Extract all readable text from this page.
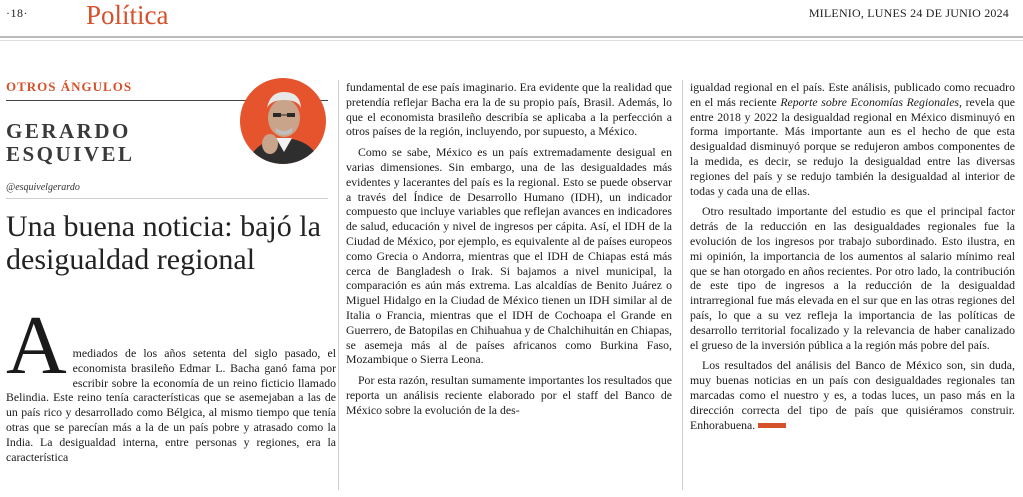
·18· Política	MILENIO, LUNES 24 DE JUNIO 2024
OTROS ÁNGULOS
GERARDO
ESQUIVEL
@esquivelgerardo
Una buena noticia: bajó la desigualdad regional
A mediados de los años setenta del siglo pasado, el economista brasileño Edmar L. Bacha ganó fama por escribir sobre la economía de un reino ficticio llamado Belindia. Este reino tenía características que se asemejaban a las de un país rico y desarrollado como Bélgica, al mismo tiempo que tenía otras que se parecían más a la de un país pobre y atrasado como la India. La desigualdad interna, entre personas y regiones, era la característica

fundamental de ese país imaginario. Era evidente que la realidad que pretendía reflejar Bacha era la de su propio país, Brasil. Además, lo que el economista brasileño describía se aplicaba a la perfección a otros países de la región, incluyendo, por supuesto, a México.

Como se sabe, México es un país extremadamente desigual en varias dimensiones. Sin embargo, una de las desigualdades más evidentes y lacerantes del país es la regional. Esto se puede observar a través del Índice de Desarrollo Humano (IDH), un indicador compuesto que incluye variables que reflejan avances en indicadores de salud, educación y nivel de ingresos per cápita. Así, el IDH de la Ciudad de México, por ejemplo, es equivalente al de países europeos como Grecia o Andorra, mientras que el IDH de Chiapas está más cerca de Bangladesh o Irak. Si bajamos a nivel municipal, la comparación es aún más extrema. Las alcaldías de Benito Juárez o Miguel Hidalgo en la Ciudad de México tienen un IDH similar al de Italia o Francia, mientras que el IDH de Cochoapa el Grande en Guerrero, de Batopilas en Chihuahua y de Chalchihuitán en Chiapas, se asemeja más al de países africanos como Burkina Faso, Mozambique o Sierra Leona.

Por esta razón, resultan sumamente importantes los resultados que reporta un análisis reciente elaborado por el staff del Banco de México sobre la evolución de la des-

igualdad regional en el país. Este análisis, publicado como recuadro en el más reciente Reporte sobre Economías Regionales, revela que entre 2018 y 2022 la desigualdad regional en México disminuyó en forma importante. Más importante aun es el hecho de que esta desigualdad disminuyó porque se redujeron ambos componentes de la medida, es decir, se redujo la desigualdad entre las diversas regiones del país y se redujo también la desigualdad al interior de todas y cada una de ellas.

Otro resultado importante del estudio es que el principal factor detrás de la reducción en las desigualdades regionales fue la evolución de los ingresos por trabajo subordinado. Esto ilustra, en mi opinión, la importancia de los aumentos al salario mínimo real que se han otorgado en años recientes. Por otro lado, la contribución de este tipo de ingresos a la reducción de la desigualdad intrarregional fue más elevada en el sur que en las otras regiones del país, lo que a su vez refleja la importancia de las políticas de desarrollo territorial focalizado y la relevancia de haber canalizado el grueso de la inversión pública a la región más pobre del país.

Los resultados del análisis del Banco de México son, sin duda, muy buenas noticias en un país con desigualdades regionales tan marcadas como el nuestro y es, a todas luces, un paso más en la dirección correcta del tipo de país que quisiéramos construir. Enhorabuena.
